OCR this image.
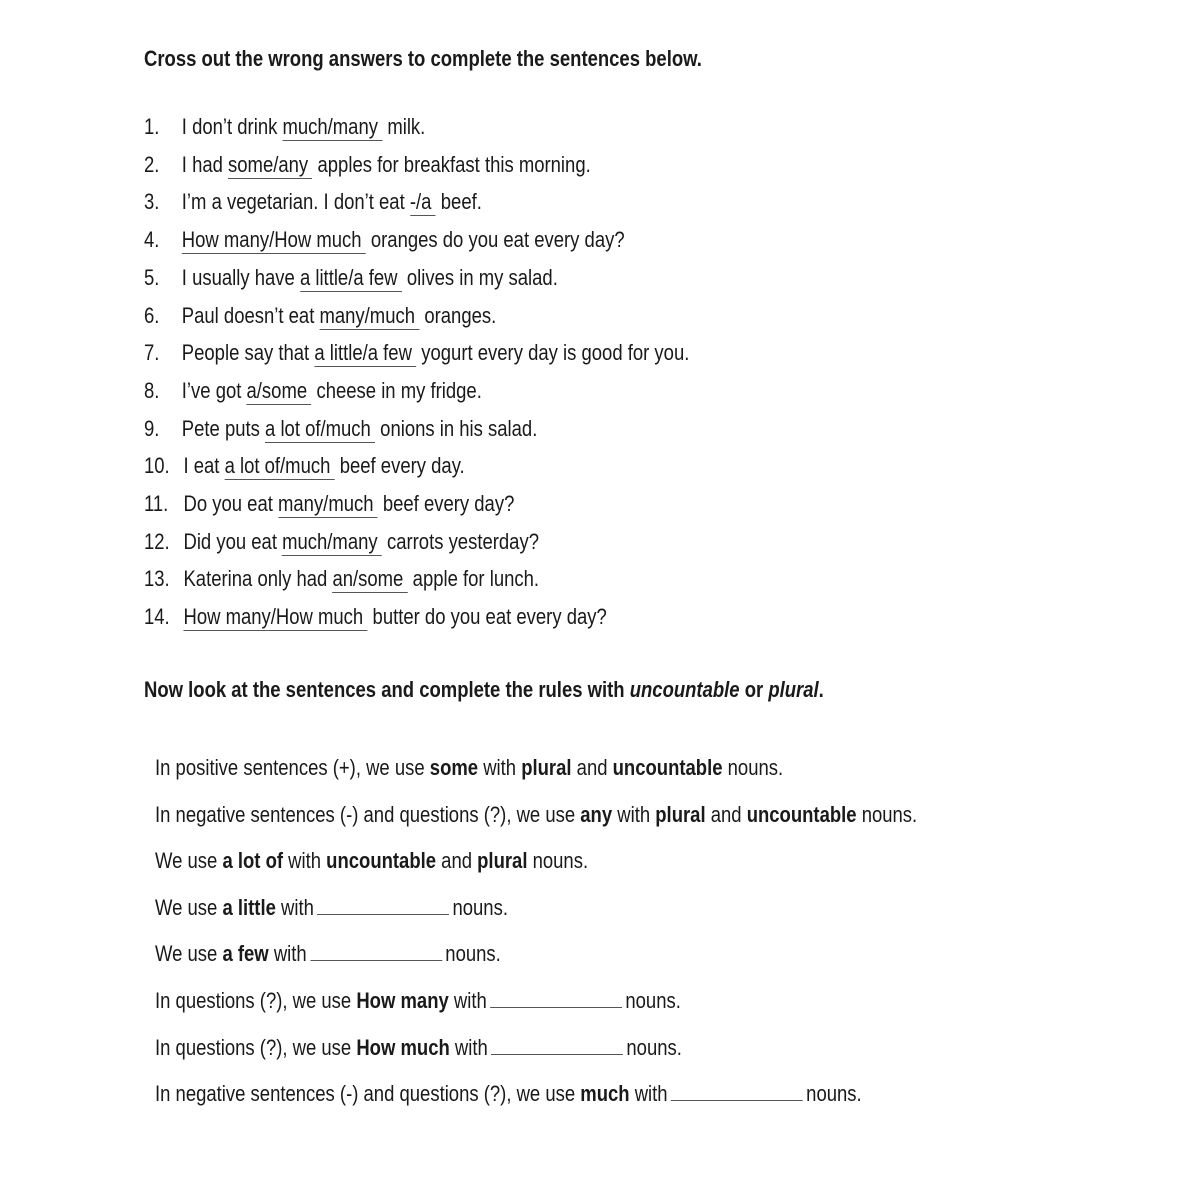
Cross out the wrong answers to complete the sentences below.
1. I don’t drink much/many milk.
2. I had some/any apples for breakfast this morning.
3. I’m a vegetarian. I don’t eat -/a beef.
4. How many/How much oranges do you eat every day?
5. I usually have a little/a few olives in my salad.
6. Paul doesn’t eat many/much oranges.
7. People say that a little/a few yogurt every day is good for you.
8. I’ve got a/some cheese in my fridge.
9. Pete puts a lot of/much onions in his salad.
10. I eat a lot of/much beef every day.
11. Do you eat many/much beef every day?
12. Did you eat much/many carrots yesterday?
13. Katerina only had an/some apple for lunch.
14. How many/How much butter do you eat every day?
Now look at the sentences and complete the rules with uncountable or plural.
In positive sentences (+), we use some with plural and uncountable nouns.
In negative sentences (-) and questions (?), we use any with plural and uncountable nouns.
We use a lot of with uncountable and plural nouns.
We use a little with	nouns.
We use a few with	nouns.
In questions (?), we use How many with	nouns.
In questions (?), we use How much with	nouns.
In negative sentences (-) and questions (?), we use much with	nouns.
